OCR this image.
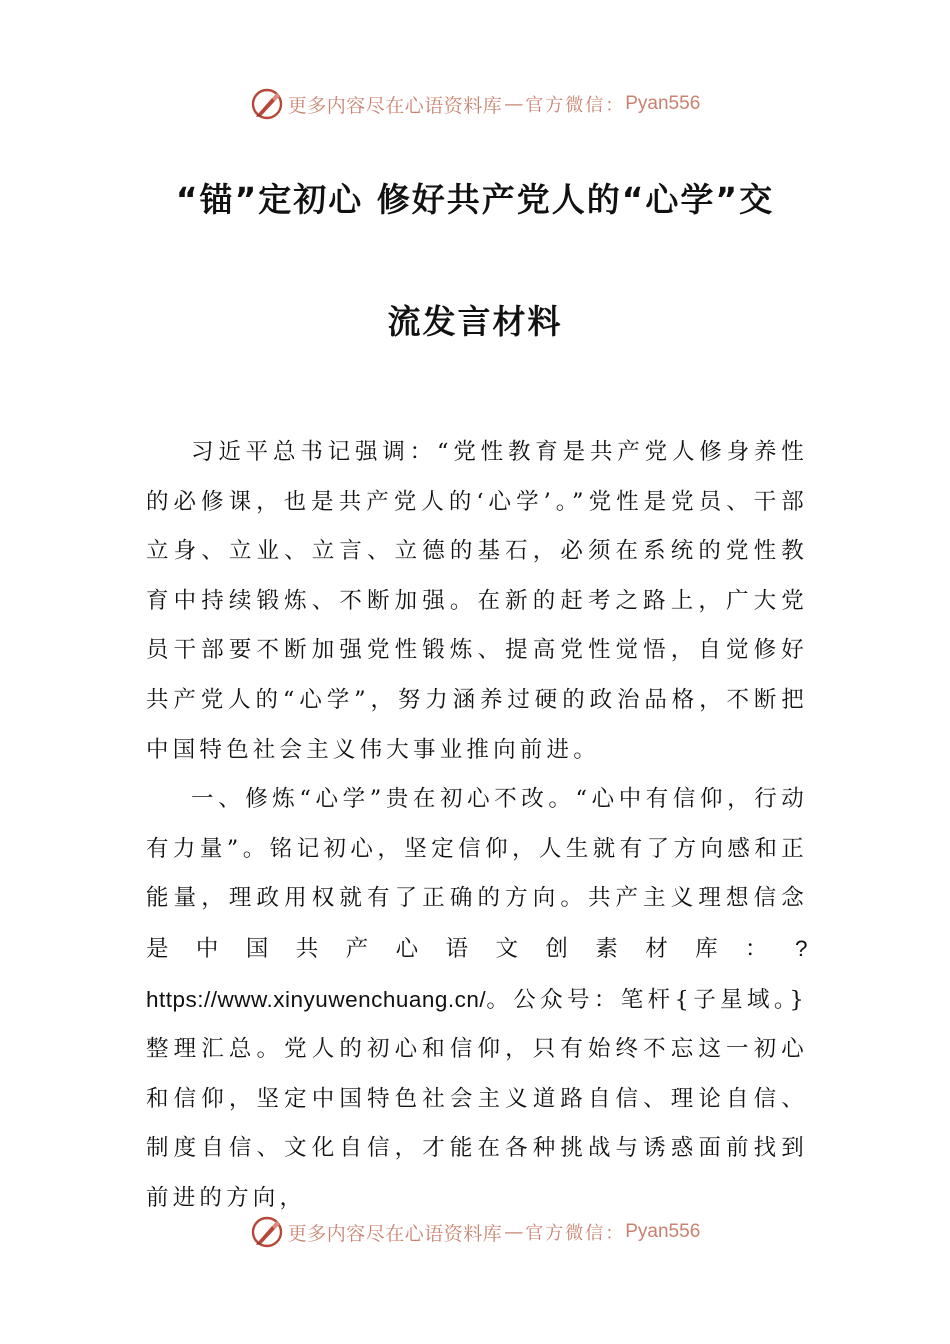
更多内容尽在心语资料库 — 官方微信： Pyan556
“锚”定初心 修好共产党人的“心学”交
流发言材料

习近平总书记强调：“党性教育是共产党人修身养性的必修课，也是共产党人的‘心学’。”党性是党员、干部立身、立业、立言、立德的基石，必须在系统的党性教育中持续锻炼、不断加强。在新的赶考之路上，广大党员干部要不断加强党性锻炼、提高党性觉悟，自觉修好共产党人的“心学”，努力涵养过硬的政治品格，不断把中国特色社会主义伟大事业推向前进。

一、修炼“心学”贵在初心不改。“心中有信仰，行动有力量”。铭记初心，坚定信仰，人生就有了方向感和正能量，理政用权就有了正确的方向。共产主义理想信念是中国共产心语文创素材库：?https://www.xinyuwenchuang.cn/。公众号：笔杆{子星域。}整理汇总。党人的初心和信仰，只有始终不忘这一初心和信仰，坚定中国特色社会主义道路自信、理论自信、制度自信、文化自信，才能在各种挑战与诱惑面前找到前进的方向，

更多内容尽在心语资料库 — 官方微信： Pyan556
